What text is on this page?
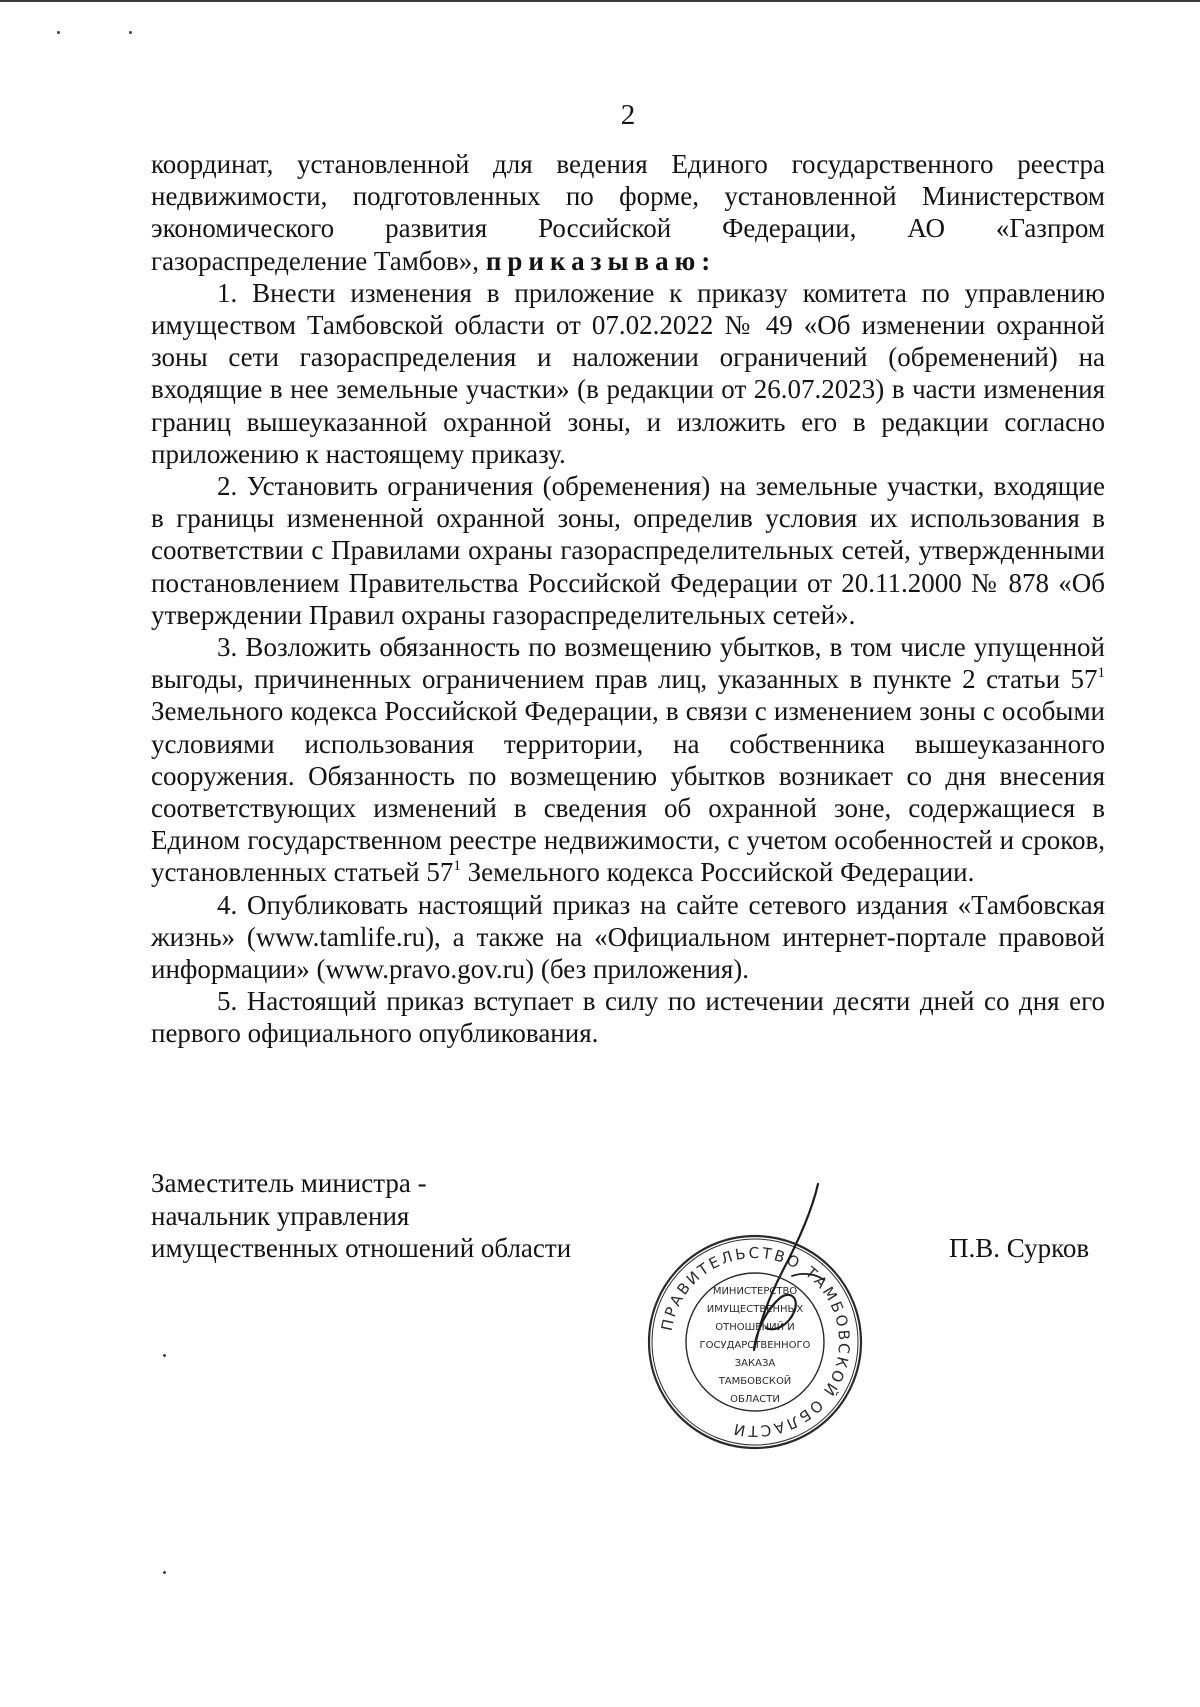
2

координат, установленной для ведения Единого государственного реестра недвижимости, подготовленных по форме, установленной Министерством экономического развития Российской Федерации, АО «Газпром газораспределение Тамбов», приказываю:

1. Внести изменения в приложение к приказу комитета по управлению имуществом Тамбовской области от 07.02.2022 № 49 «Об изменении охранной зоны сети газораспределения и наложении ограничений (обременений) на входящие в нее земельные участки» (в редакции от 26.07.2023) в части изменения границ вышеуказанной охранной зоны, и изложить его в редакции согласно приложению к настоящему приказу.

2. Установить ограничения (обременения) на земельные участки, входящие в границы измененной охранной зоны, определив условия их использования в соответствии с Правилами охраны газораспределительных сетей, утвержденными постановлением Правительства Российской Федерации от 20.11.2000 № 878 «Об утверждении Правил охраны газораспределительных сетей».

3. Возложить обязанность по возмещению убытков, в том числе упущенной выгоды, причиненных ограничением прав лиц, указанных в пункте 2 статьи $57^1$ Земельного кодекса Российской Федерации, в связи с изменением зоны с особыми условиями использования территории, на собственника вышеуказанного сооружения. Обязанность по возмещению убытков возникает со дня внесения соответствующих изменений в сведения об охранной зоне, содержащиеся в Едином государственном реестре недвижимости, с учетом особенностей и сроков, установленных статьей $57^1$ Земельного кодекса Российской Федерации.

4. Опубликовать настоящий приказ на сайте сетевого издания «Тамбовская жизнь» (www.tamlife.ru), а также на «Официальном интернет-портале правовой информации» (www.pravo.gov.ru) (без приложения).

5. Настоящий приказ вступает в силу по истечении десяти дней со дня его первого официального опубликования.

Заместитель министра -
начальник управления
имущественных отношений области	П.В. Сурков
ПРАВИТЕЛЬСТВО ТАМБОВСКОЙ ОБЛАСТИ
МИНИСТЕРСТВО
ИМУЩЕСТВЕННЫХ
ОТНОШЕНИЙ И
ГОСУДАРСТВЕННОГО
ЗАКАЗА
ТАМБОВСКОЙ
ОБЛАСТИ
